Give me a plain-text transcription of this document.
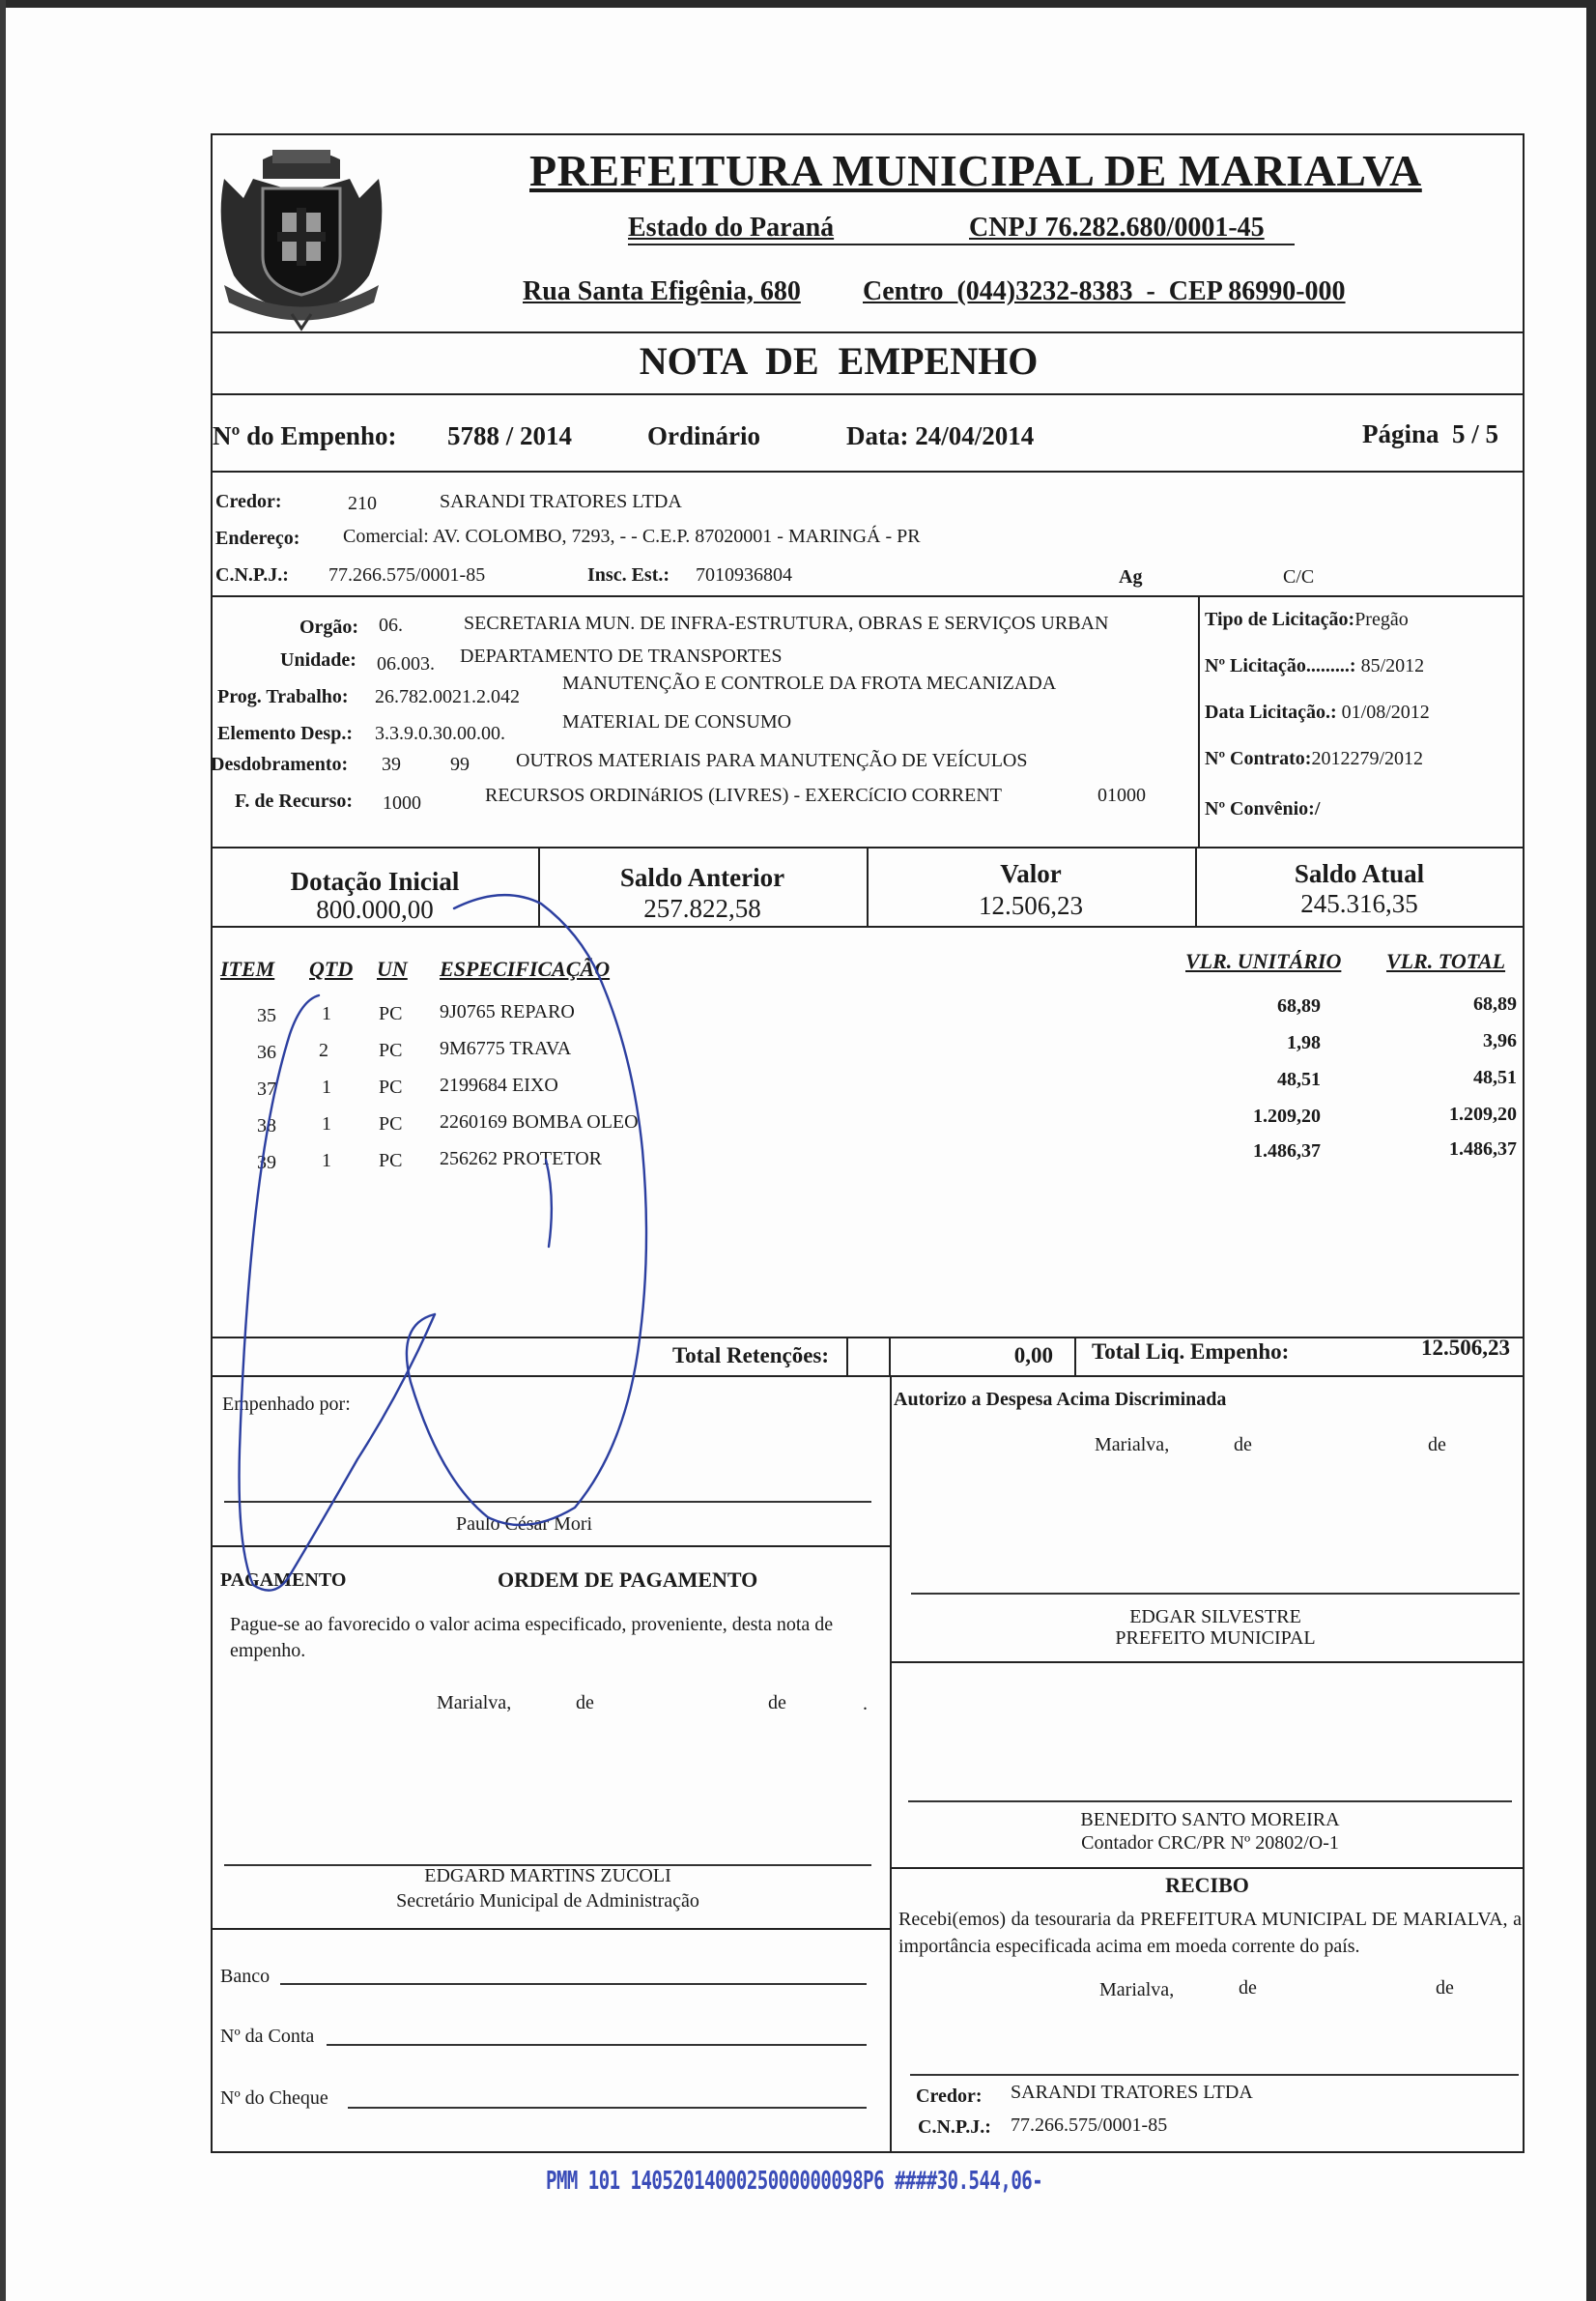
PREFEITURA MUNICIPAL DE MARIALVA
Estado do Paraná	CNPJ 76.282.680/0001-45
Rua Santa Efigênia, 680 Centro  (044)3232-8383  -  CEP 86990-000
NOTA  DE  EMPENHO
Nº do Empenho: 5788 / 2014	Ordinário	Data: 24/04/2014	Página  5 / 5
Credor:	210	SARANDI TRATORES LTDA
Endereço: Comercial: AV. COLOMBO, 7293, - - C.E.P. 87020001 - MARINGÁ - PR
C.N.P.J.: 77.266.575/0001-85	Insc. Est.: 7010936804	Ag	C/C
Orgão: 06.	SECRETARIA MUN. DE INFRA-ESTRUTURA, OBRAS E SERVIÇOS URBAN
Unidade: 06.003. DEPARTAMENTO DE TRANSPORTES
Prog. Trabalho: 26.782.0021.2.042
MANUTENÇÃO E CONTROLE DA FROTA MECANIZADA
Elemento Desp.: 3.3.9.0.30.00.00.
MATERIAL DE CONSUMO
Desdobramento: 39	99 OUTROS MATERIAIS PARA MANUTENÇÃO DE VEÍCULOS
F. de Recurso: 1000	RECURSOS ORDINáRIOS (LIVRES) - EXERCíCIO CORRENT	01000
Tipo de Licitação:Pregão
Nº Licitação.........: 85/2012
Data Licitação.: 01/08/2012
Nº Contrato:2012279/2012
Nº Convênio:/
Dotação Inicial
800.000,00
Saldo Anterior
257.822,58
Valor
12.506,23
Saldo Atual
245.316,35
ITEM QTD UN ESPECIFICAÇÃO	VLR. UNITÁRIO VLR. TOTAL
35 1 PC 9J0765 REPARO	68,89	68,89
36 2	PC 9M6775 TRAVA	1,98	3,96
37 1 PC 2199684 EIXO	48,51	48,51
38 1 PC 2260169 BOMBA OLEO	1.209,20	1.209,20
39 1 PC 256262 PROTETOR	1.486,37	1.486,37
Total Retenções:	0,00 Total Liq. Empenho:	12.506,23
Empenhado por:
Paulo César Mori
PAGAMENTO	ORDEM DE PAGAMENTO
Pague-se ao favorecido o valor acima especificado, proveniente, desta nota de empenho.
Marialva,	de	de	.
EDGARD MARTINS ZUCOLI
Secretário Municipal de Administração
Banco
Nº da Conta
Nº do Cheque
Autorizo a Despesa Acima Discriminada
Marialva,	de	de
EDGAR SILVESTRE
PREFEITO MUNICIPAL
BENEDITO SANTO MOREIRA
Contador CRC/PR Nº 20802/O-1
RECIBO
Recebi(emos) da tesouraria da PREFEITURA MUNICIPAL DE MARIALVA, a importância especificada acima em moeda corrente do país.
Marialva,	de	de
Credor: SARANDI TRATORES LTDA
C.N.P.J.: 77.266.575/0001-85
PMM 101 1405201400025000000098P6 ####30.544,06-
